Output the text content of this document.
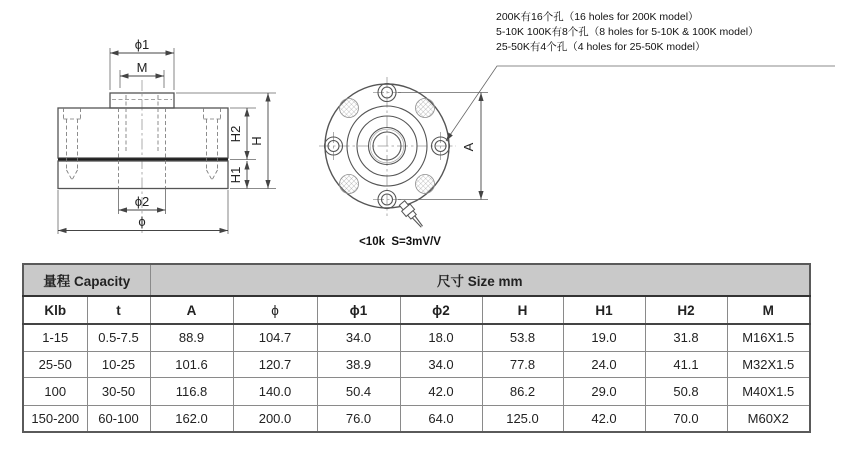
200K有16个孔（16 holes for 200K model）

5-10K 100K有8个孔（8 holes for 5-10K & 100K model）

25-50K有4个孔（4 holes for 25-50K model）

ϕ1
M
H2
H1
H
ϕ2
ϕ
A
<10k  S=3mV/V
量程 Capacity		尺寸 Size mm							
Klb	t	A	ϕ	ϕ1	ϕ2	H	H1	H2	M
1-15	0.5-7.5	88.9	104.7	34.0	18.0	53.8	19.0	31.8	M16X1.5
25-50	10-25	101.6	120.7	38.9	34.0	77.8	24.0	41.1	M32X1.5
100	30-50	116.8	140.0	50.4	42.0	86.2	29.0	50.8	M40X1.5
150-200	60-100	162.0	200.0	76.0	64.0	125.0	42.0	70.0	M60X2
